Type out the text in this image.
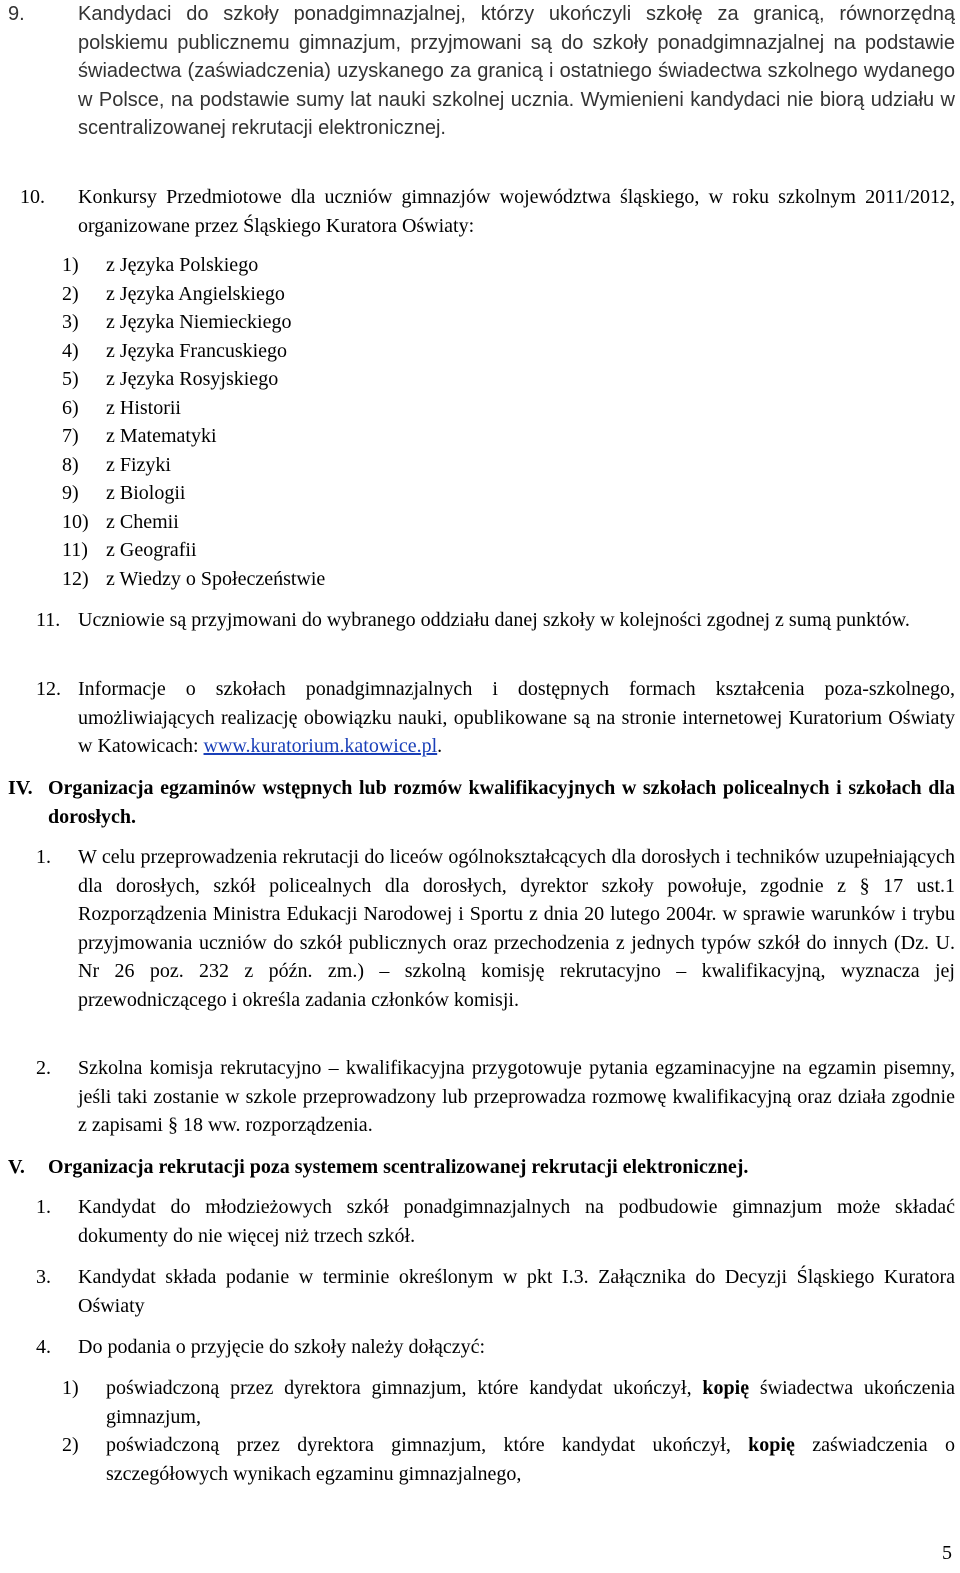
9.	Kandydaci do szkoły ponadgimnazjalnej, którzy ukończyli szkołę za granicą, równorzędną polskiemu publicznemu gimnazjum, przyjmowani są do szkoły ponadgimnazjalnej na podstawie świadectwa (zaświadczenia) uzyskanego za granicą i ostatniego świadectwa szkolnego wydanego w Polsce, na podstawie sumy lat nauki szkolnej ucznia. Wymienieni kandydaci nie biorą udziału w scentralizowanej rekrutacji elektronicznej.
10.	Konkursy Przedmiotowe dla uczniów gimnazjów województwa śląskiego, w roku szkolnym 2011/2012, organizowane przez Śląskiego Kuratora Oświaty:
1) z Języka Polskiego
2) z Języka Angielskiego
3) z Języka Niemieckiego
4) z Języka Francuskiego
5) z Języka Rosyjskiego
6) z Historii
7) z Matematyki
8) z Fizyki
9) z Biologii
10) z Chemii
11) z Geografii
12) z Wiedzy o Społeczeństwie
11. Uczniowie są przyjmowani do wybranego oddziału danej szkoły w kolejności zgodnej z sumą punktów.
12. Informacje o szkołach ponadgimnazjalnych i dostępnych formach kształcenia poza-szkolnego, umożliwiających realizację obowiązku nauki, opublikowane są na stronie internetowej Kuratorium Oświaty w Katowicach: www.kuratorium.katowice.pl.
IV. Organizacja egzaminów wstępnych lub rozmów kwalifikacyjnych w szkołach policealnych i szkołach dla dorosłych.
1.	W celu przeprowadzenia rekrutacji do liceów ogólnokształcących dla dorosłych i techników uzupełniających dla dorosłych, szkół policealnych dla dorosłych, dyrektor szkoły powołuje, zgodnie z § 17 ust.1 Rozporządzenia Ministra Edukacji Narodowej i Sportu z dnia 20 lutego 2004r. w sprawie warunków i trybu przyjmowania uczniów do szkół publicznych oraz przechodzenia z jednych typów szkół do innych (Dz. U. Nr 26 poz. 232 z późn. zm.) – szkolną komisję rekrutacyjno – kwalifikacyjną, wyznacza jej przewodniczącego i określa zadania członków komisji.
2.	Szkolna komisja rekrutacyjno – kwalifikacyjna przygotowuje pytania egzaminacyjne na egzamin pisemny, jeśli taki zostanie w szkole przeprowadzony lub przeprowadza rozmowę kwalifikacyjną oraz działa zgodnie z zapisami § 18 ww. rozporządzenia.
V. Organizacja rekrutacji poza systemem scentralizowanej rekrutacji elektronicznej.
1.	Kandydat do młodzieżowych szkół ponadgimnazjalnych na podbudowie gimnazjum może składać dokumenty do nie więcej niż trzech szkół.
3.	Kandydat składa podanie w terminie określonym w pkt I.3. Załącznika do Decyzji Śląskiego Kuratora Oświaty
4.	Do podania o przyjęcie do szkoły należy dołączyć:
1) poświadczoną przez dyrektora gimnazjum, które kandydat ukończył, kopię świadectwa ukończenia gimnazjum,
2) poświadczoną przez dyrektora gimnazjum, które kandydat ukończył, kopię zaświadczenia o szczegółowych wynikach egzaminu gimnazjalnego,
5
